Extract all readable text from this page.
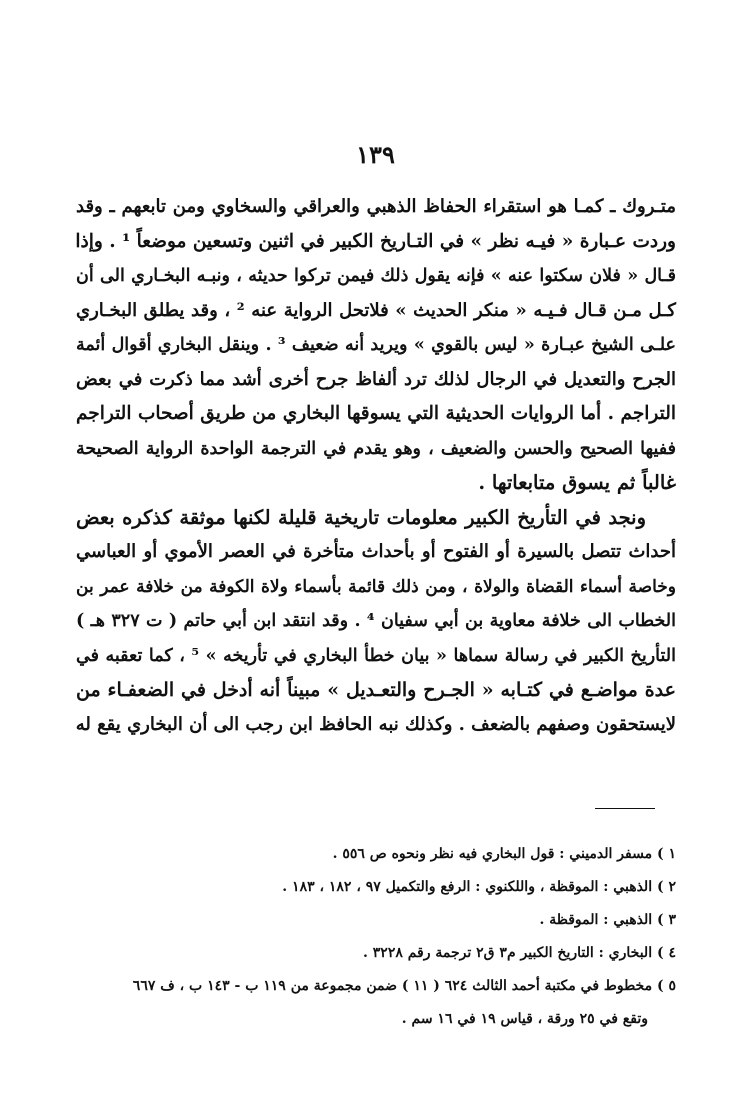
١٣٩
متـروك ـ كمـا هو استقراء الحفاظ الذهبي والعراقي والسخاوي ومن تابعهم ـ وقد
وردت عـبارة « فيـه نظر » في التـاريخ الكبير في اثنين وتسعين موضعاً ¹ . وإذا
قـال « فلان سكتوا عنه » فإنه يقول ذلك فيمن تركوا حديثه ، ونبـه البخـاري الى أن
كـل مـن قـال فـيـه « منكر الحديث » فلاتحل الرواية عنه ² ، وقد يطلق البخـاري
علـى الشيخ عبـارة « ليس بالقوي » ويريد أنه ضعيف ³ . وينقل البخاري أقوال أئمة
الجرح والتعديل في الرجال لذلك ترد ألفاظ جرح أخرى أشد مما ذكرت في بعض
التراجم . أما الروايات الحديثية التي يسوقها البخاري من طريق أصحاب التراجم
ففيها الصحيح والحسن والضعيف ، وهو يقدم في الترجمة الواحدة الرواية الصحيحة
غالباً ثم يسوق متابعاتها .
ونجد في التأريخ الكبير معلومات تاريخية قليلة لكنها موثقة كذكره بعض
أحداث تتصل بالسيرة أو الفتوح أو بأحداث متأخرة في العصر الأموي أو العباسي
وخاصة أسماء القضاة والولاة ، ومن ذلك قائمة بأسماء ولاة الكوفة من خلافة عمر بن
الخطاب الى خلافة معاوية بن أبي سفيان ⁴ . وقد انتقد ابن أبي حاتم ( ت ٣٢٧ هـ )
التأريخ الكبير في رسالة سماها « بيان خطأ البخاري في تأريخه » ⁵ ، كما تعقبه في
عدة مواضـع في كتـابه « الجـرح والتعـديل » مبيناً أنه أدخل في الضعفـاء من
لايستحقون وصفهم بالضعف . وكذلك نبه الحافظ ابن رجب الى أن البخاري يقع له
١ ) مسفر الدميني : قول البخاري فيه نظر ونحوه ص ٥٥٦ .
٢ ) الذهبي : الموقظة ، واللكنوي : الرفع والتكميل ٩٧ ، ١٨٢ ، ١٨٣ .
٣ ) الذهبي : الموقظة .
٤ ) البخاري : التاريخ الكبير م٣ ق٢ ترجمة رقم ٣٢٢٨ .
٥ ) مخطوط في مكتبة أحمد الثالث ٦٢٤ ( ١١ ) ضمن مجموعة من ١١٩ ب - ١٤٣ ب ، ف ٦٦٧
وتقع في ٢٥ ورقة ، قياس ١٩ في ١٦ سم .
